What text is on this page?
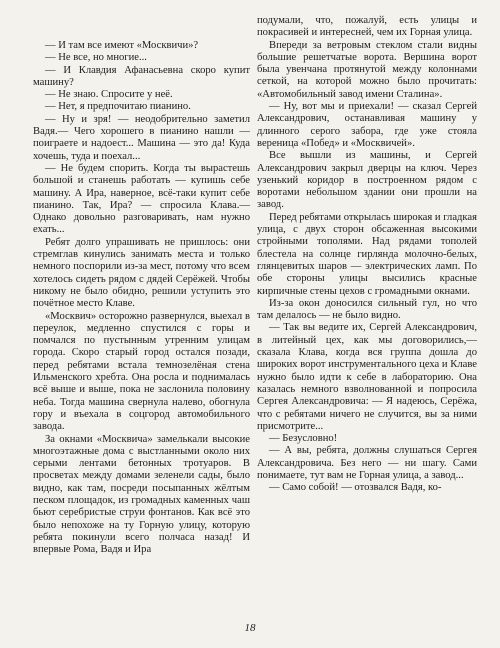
— И там все имеют «Москвичи»?

— Не все, но многие...

— И Клавдия Афанасьевна скоро купит машину?

— Не знаю. Спросите у неё.

— Нет, я предпочитаю пианино.

— Ну и зря! — неодобрительно заметил Вадя.— Чего хорошего в пианино нашли — поиграете и надоест... Машина — это да! Куда хочешь, туда и поехал...

— Не будем спорить. Когда ты вырастешь большой и станешь работать — купишь себе машину. А Ира, наверное, всё-таки купит себе пианино. Так, Ира? — спросила Клава.— Однако довольно разговаривать, нам нужно ехать...

Ребят долго упрашивать не пришлось: они стремглав кинулись занимать места и только немного поспорили из-за мест, потому что всем хотелось сидеть рядом с дядей Серёжей. Чтобы никому не было обидно, решили уступить это почётное место Клаве.

«Москвич» осторожно развернулся, выехал в переулок, медленно спустился с горы и помчался по пустынным утренним улицам города. Скоро старый город остался позади, перед ребятами встала темнозелёная стена Ильменского хребта. Она росла и поднималась всё выше и выше, пока не заслонила половину неба. Тогда машина свернула налево, обогнула гору и въехала в соцгород автомобильного завода.

За окнами «Москвича» замелькали высокие многоэтажные дома с выстланными около них серыми лентами бетонных тротуаров. В просветах между домами зеленели сады, было видно, как там, посреди посыпанных жёлтым песком площадок, из громадных каменных чаш бьют серебристые струи фонтанов. Как всё это было непохоже на ту Горную улицу, которую ребята покинули всего полчаса назад! И впервые Рома, Вадя и Ира

подумали, что, пожалуй, есть улицы и покрасивей и интересней, чем их Горная улица.

Впереди за ветровым стеклом стали видны большие решетчатые ворота. Вершина ворот была увенчана протянутой между колоннами сеткой, на которой можно было прочитать: «Автомобильный завод имени Сталина».

— Ну, вот мы и приехали! — сказал Сергей Александрович, останавливая машину у длинного серого забора, где уже стояла вереница «Побед» и «Москвичей».

Все вышли из машины, и Сергей Александрович закрыл дверцы на ключ. Через узенький коридор в построенном рядом с воротами небольшом здании они прошли на завод.

Перед ребятами открылась широкая и гладкая улица, с двух сторон обсаженная высокими стройными тополями. Над рядами тополей блестела на солнце гирлянда молочно-белых, глянцевитых шаров — электрических ламп. По обе стороны улицы высились красные кирпичные стены цехов с громадными окнами.

Из-за окон доносился сильный гул, но что там делалось — не было видно.

— Так вы ведите их, Сергей Александрович, в литейный цех, как мы договорились,— сказала Клава, когда вся группа дошла до широких ворот инструментального цеха и Клаве нужно было идти к себе в лабораторию. Она казалась немного взволнованной и попросила Сергея Александровича: — Я надеюсь, Серёжа, что с ребятами ничего не случится, вы за ними присмотрите...

— Безусловно!

— А вы, ребята, должны слушаться Сергея Александровича. Без него — ни шагу. Сами понимаете, тут вам не Горная улица, а завод...

— Само собой! — отозвался Вадя, ко-

18
